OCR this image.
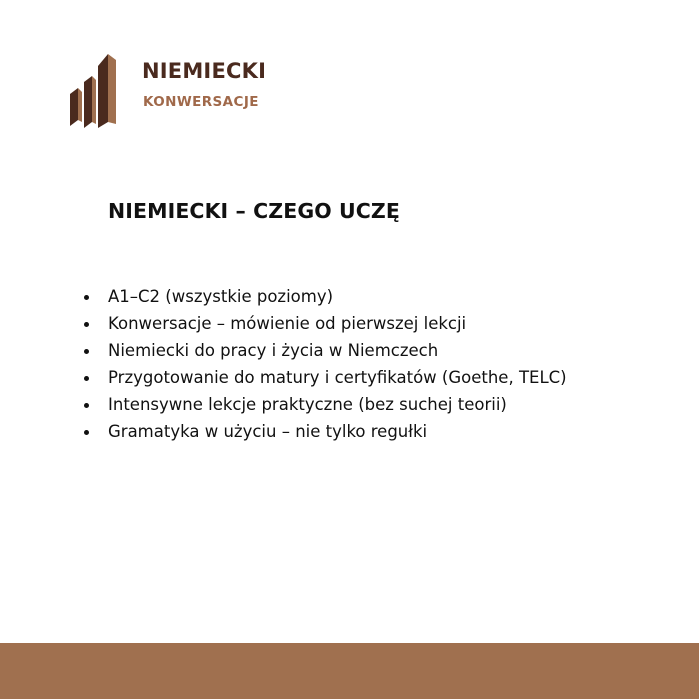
NIEMIECKI
KONWERSACJE
NIEMIECKI – CZEGO UCZĘ
A1–C2 (wszystkie poziomy)
Konwersacje – mówienie od pierwszej lekcji
Niemiecki do pracy i życia w Niemczech
Przygotowanie do matury i certyfikatów (Goethe, TELC)
Intensywne lekcje praktyczne (bez suchej teorii)
Gramatyka w użyciu – nie tylko regułki
